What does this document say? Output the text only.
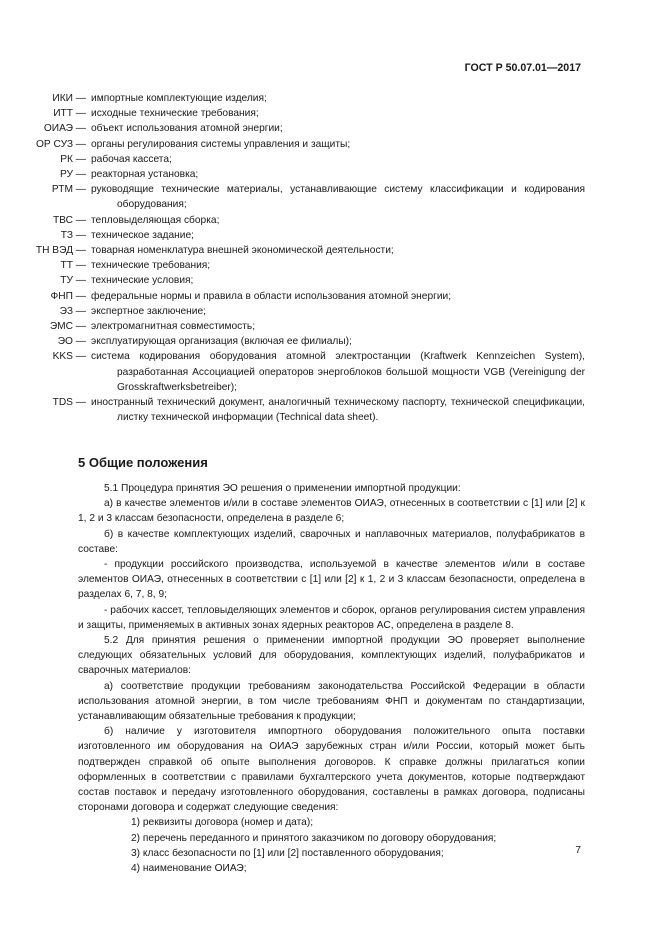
ГОСТ Р 50.07.01—2017
ИКИ — импортные комплектующие изделия;
ИТТ — исходные технические требования;
ОИАЭ — объект использования атомной энергии;
ОР СУЗ — органы регулирования системы управления и защиты;
РК — рабочая кассета;
РУ — реакторная установка;
РТМ — руководящие технические материалы, устанавливающие систему классификации и кодирования оборудования;
ТВС — тепловыделяющая сборка;
ТЗ — техническое задание;
ТН ВЭД — товарная номенклатура внешней экономической деятельности;
ТТ — технические требования;
ТУ — технические условия;
ФНП — федеральные нормы и правила в области использования атомной энергии;
ЭЗ — экспертное заключение;
ЭМС — электромагнитная совместимость;
ЭО — эксплуатирующая организация (включая ее филиалы);
KKS — система кодирования оборудования атомной электростанции (Kraftwerk Kennzeichen System), разработанная Ассоциацией операторов энергоблоков большой мощности VGB (Vereinigung der Grosskraftwerksbetreiber);
TDS — иностранный технический документ, аналогичный техническому паспорту, технической спецификации, листку технической информации (Technical data sheet).
5 Общие положения

5.1 Процедура принятия ЭО решения о применении импортной продукции:

а) в качестве элементов и/или в составе элементов ОИАЭ, отнесенных в соответствии с [1] или [2] к 1, 2 и 3 классам безопасности, определена в разделе 6;

б) в качестве комплектующих изделий, сварочных и наплавочных материалов, полуфабрикатов в составе:

- продукции российского производства, используемой в качестве элементов и/или в составе элементов ОИАЭ, отнесенных в соответствии с [1] или [2] к 1, 2 и 3 классам безопасности, определена в разделах 6, 7, 8, 9;

- рабочих кассет, тепловыделяющих элементов и сборок, органов регулирования систем управления и защиты, применяемых в активных зонах ядерных реакторов АС, определена в разделе 8.

5.2 Для принятия решения о применении импортной продукции ЭО проверяет выполнение следующих обязательных условий для оборудования, комплектующих изделий, полуфабрикатов и сварочных материалов:

а) соответствие продукции требованиям законодательства Российской Федерации в области использования атомной энергии, в том числе требованиям ФНП и документам по стандартизации, устанавливающим обязательные требования к продукции;

б) наличие у изготовителя импортного оборудования положительного опыта поставки изготовленного им оборудования на ОИАЭ зарубежных стран и/или России, который может быть подтвержден справкой об опыте выполнения договоров. К справке должны прилагаться копии оформленных в соответствии с правилами бухгалтерского учета документов, которые подтверждают состав поставок и передачу изготовленного оборудования, составлены в рамках договора, подписаны сторонами договора и содержат следующие сведения:

1) реквизиты договора (номер и дата);

2) перечень переданного и принятого заказчиком по договору оборудования;

3) класс безопасности по [1] или [2] поставленного оборудования;

4) наименование ОИАЭ;

7
